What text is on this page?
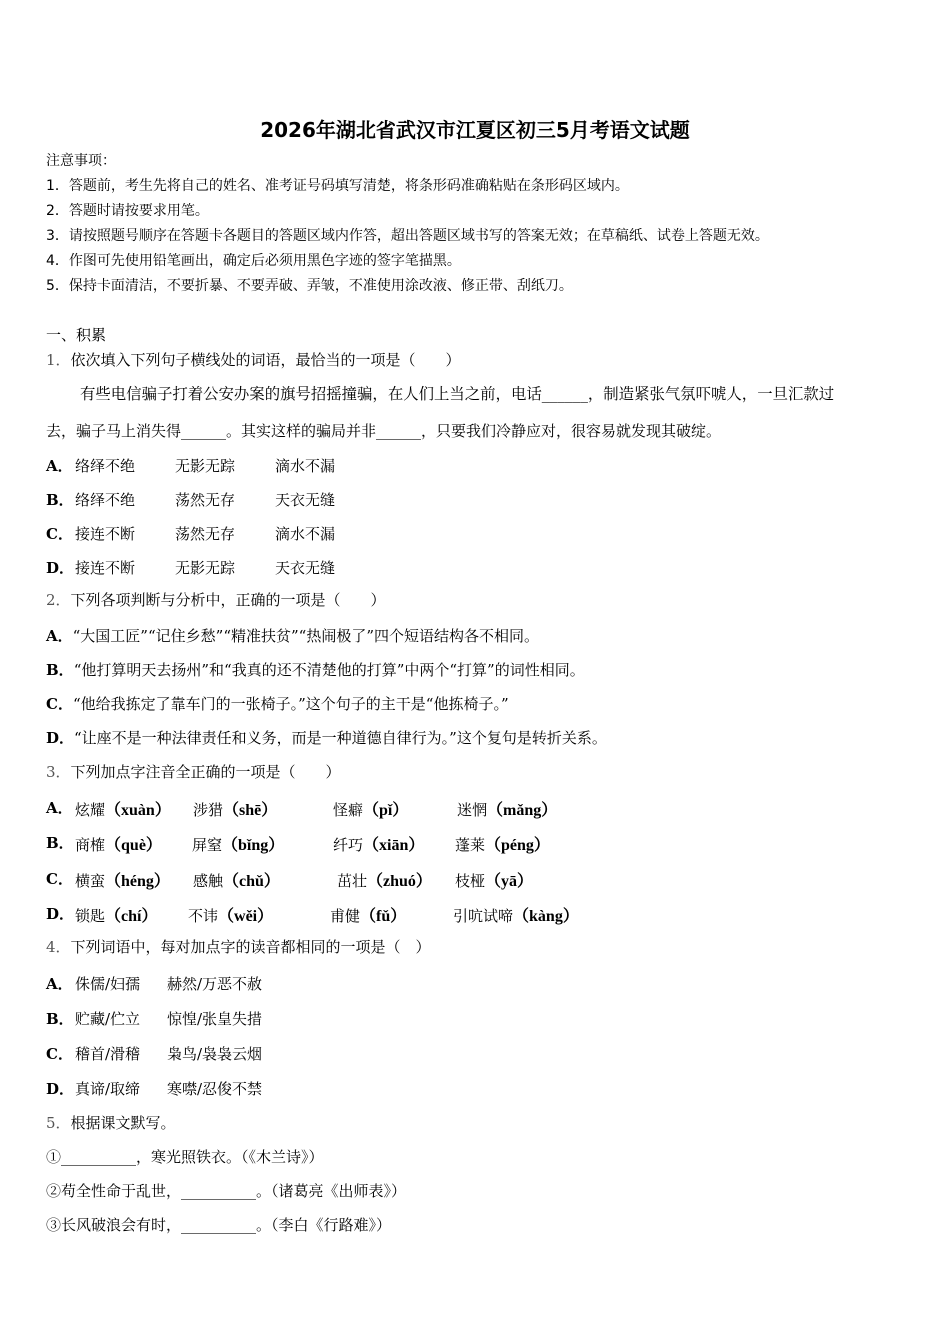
2026年湖北省武汉市江夏区初三5月考语文试题
注意事项：
1．答题前，考生先将自己的姓名、准考证号码填写清楚，将条形码准确粘贴在条形码区域内。
2．答题时请按要求用笔。
3．请按照题号顺序在答题卡各题目的答题区域内作答，超出答题区域书写的答案无效；在草稿纸、试卷上答题无效。
4．作图可先使用铅笔画出，确定后必须用黑色字迹的签字笔描黑。
5．保持卡面清洁，不要折暴、不要弄破、弄皱，不准使用涂改液、修正带、刮纸刀。
一、积累
1．依次填入下列句子横线处的词语，最恰当的一项是（　　）
有些电信骗子打着公安办案的旗号招摇撞骗，在人们上当之前，电话______，制造紧张气氛吓唬人，一旦汇款过
去，骗子马上消失得______。其实这样的骗局并非______，只要我们冷静应对，很容易就发现其破绽。
A． 络绎不绝	无影无踪	滴水不漏
B． 络绎不绝	荡然无存	天衣无缝
C． 接连不断	荡然无存	滴水不漏
D． 接连不断	无影无踪	天衣无缝
2．下列各项判断与分析中，正确的一项是（　　）
A．“大国工匠”“记住乡愁”“精准扶贫”“热闹极了”四个短语结构各不相同。
B．“他打算明天去扬州”和“我真的还不清楚他的打算”中两个“打算”的词性相同。
C．“他给我拣定了靠车门的一张椅子。”这个句子的主干是“他拣椅子。”
D．“让座不是一种法律责任和义务，而是一种道德自律行为。”这个复句是转折关系。
3．下列加点字注音全正确的一项是（　　）
A． 炫耀（xuàn） 涉猎（shē）	怪癖（pǐ）	迷惘（mǎng）
B． 商榷（què） 屏窒（bǐng）	纤巧（xiān） 蓬莱（péng）
C． 横蛮（héng） 感触（chǔ）	茁壮（zhuó） 枝桠（yā）
D． 锁匙（chí） 不讳（wěi）	甫健（fǔ）	引吭试啼（kàng）
4．下列词语中，每对加点字的读音都相同的一项是（　）
A． 侏儒/妇孺 赫然/万恶不赦
B． 贮藏/伫立 惊惶/张皇失措
C． 稽首/滑稽 枭鸟/袅袅云烟
D． 真谛/取缔 寒噤/忍俊不禁
5．根据课文默写。
①__________，寒光照铁衣。（《木兰诗》）
②苟全性命于乱世，__________。（诸葛亮《出师表》）
③长风破浪会有时，__________。（李白《行路难》）
